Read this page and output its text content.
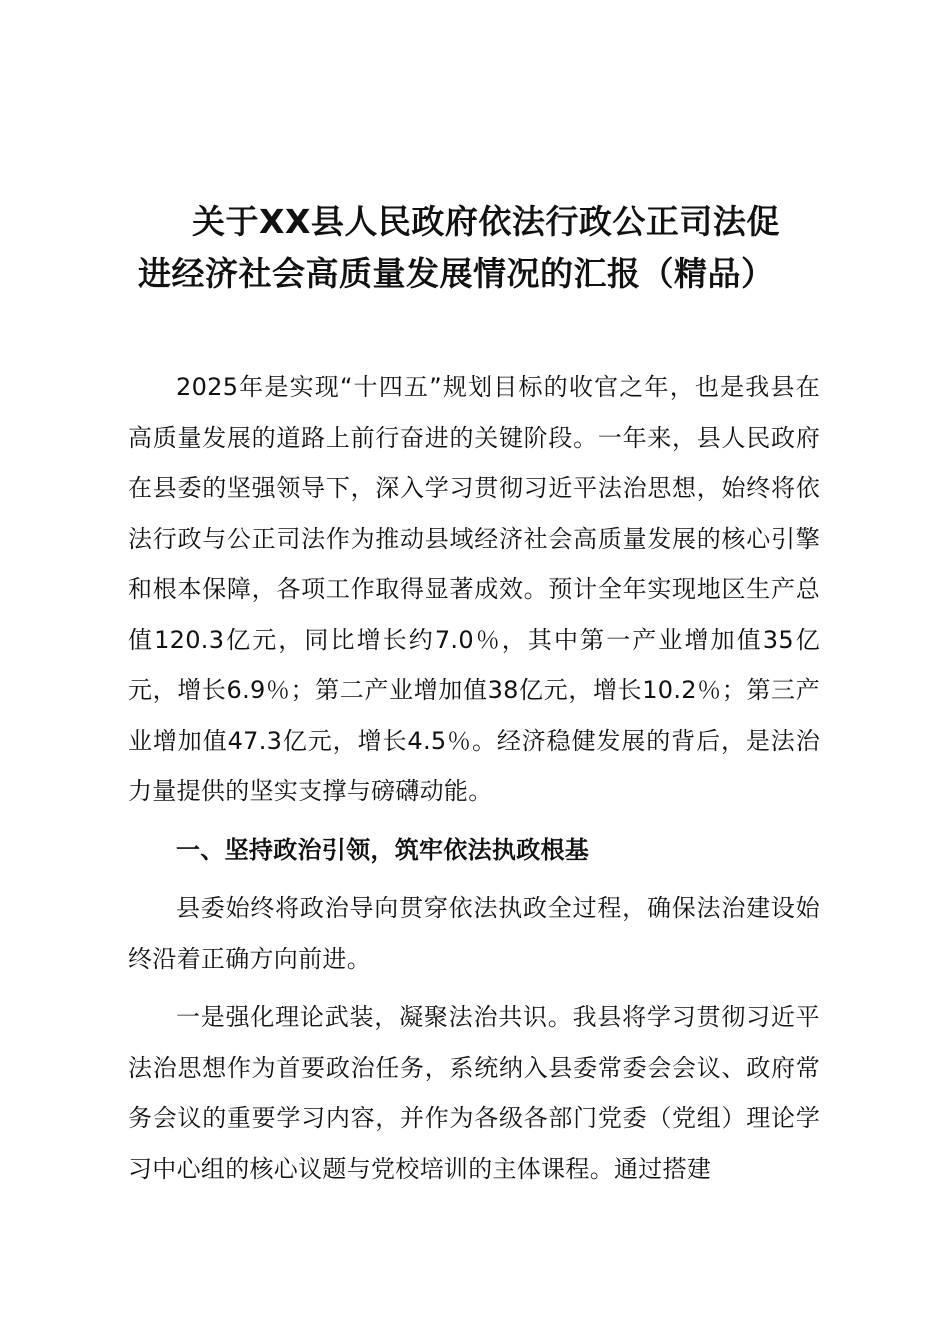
关于XX县人民政府依法行政公正司法促
进经济社会高质量发展情况的汇报（精品）

2025年是实现“十四五”规划目标的收官之年，也是我县在高质量发展的道路上前行奋进的关键阶段。一年来，县人民政府在县委的坚强领导下，深入学习贯彻习近平法治思想，始终将依法行政与公正司法作为推动县域经济社会高质量发展的核心引擎和根本保障，各项工作取得显著成效。预计全年实现地区生产总值120.3亿元，同比增长约7.0％，其中第一产业增加值35亿元，增长6.9％；第二产业增加值38亿元，增长10.2％；第三产业增加值47.3亿元，增长4.5％。经济稳健发展的背后，是法治力量提供的坚实支撑与磅礴动能。

一、坚持政治引领，筑牢依法执政根基

县委始终将政治导向贯穿依法执政全过程，确保法治建设始终沿着正确方向前进。

一是强化理论武装，凝聚法治共识。我县将学习贯彻习近平法治思想作为首要政治任务，系统纳入县委常委会会议、政府常务会议的重要学习内容，并作为各级各部门党委（党组）理论学习中心组的核心议题与党校培训的主体课程。通过搭建
